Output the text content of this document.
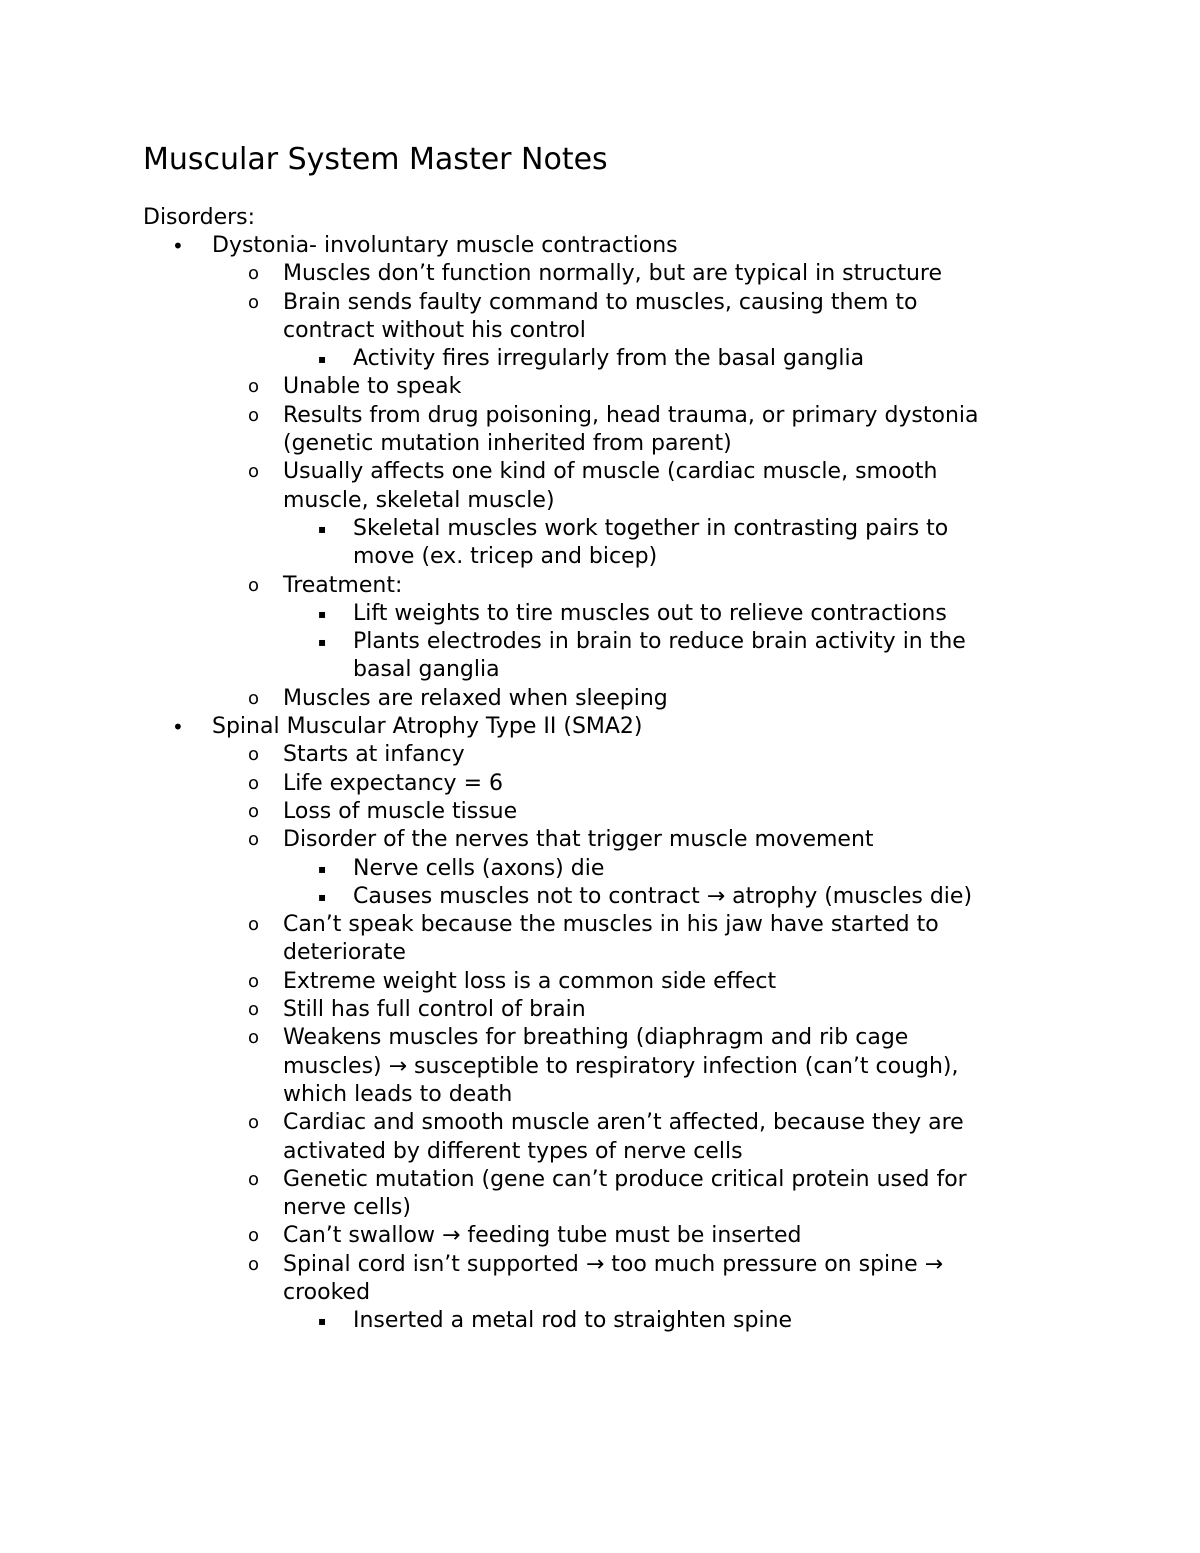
Muscular System Master Notes

Disorders:

• Dystonia- involuntary muscle contractions
o Muscles don’t function normally, but are typical in structure
o Brain sends faulty command to muscles, causing them to
contract without his control
▪ Activity fires irregularly from the basal ganglia
o Unable to speak
o Results from drug poisoning, head trauma, or primary dystonia
(genetic mutation inherited from parent)
o Usually affects one kind of muscle (cardiac muscle, smooth
muscle, skeletal muscle)
▪ Skeletal muscles work together in contrasting pairs to
move (ex. tricep and bicep)
o Treatment:
▪ Lift weights to tire muscles out to relieve contractions
▪ Plants electrodes in brain to reduce brain activity in the
basal ganglia
o Muscles are relaxed when sleeping
• Spinal Muscular Atrophy Type II (SMA2)
o Starts at infancy
o Life expectancy = 6
o Loss of muscle tissue
o Disorder of the nerves that trigger muscle movement
▪ Nerve cells (axons) die
▪ Causes muscles not to contract → atrophy (muscles die)
o Can’t speak because the muscles in his jaw have started to
deteriorate
o Extreme weight loss is a common side effect
o Still has full control of brain
o Weakens muscles for breathing (diaphragm and rib cage
muscles) → susceptible to respiratory infection (can’t cough),
which leads to death
o Cardiac and smooth muscle aren’t affected, because they are
activated by different types of nerve cells
o Genetic mutation (gene can’t produce critical protein used for
nerve cells)
o Can’t swallow → feeding tube must be inserted
o Spinal cord isn’t supported → too much pressure on spine →
crooked
▪ Inserted a metal rod to straighten spine
